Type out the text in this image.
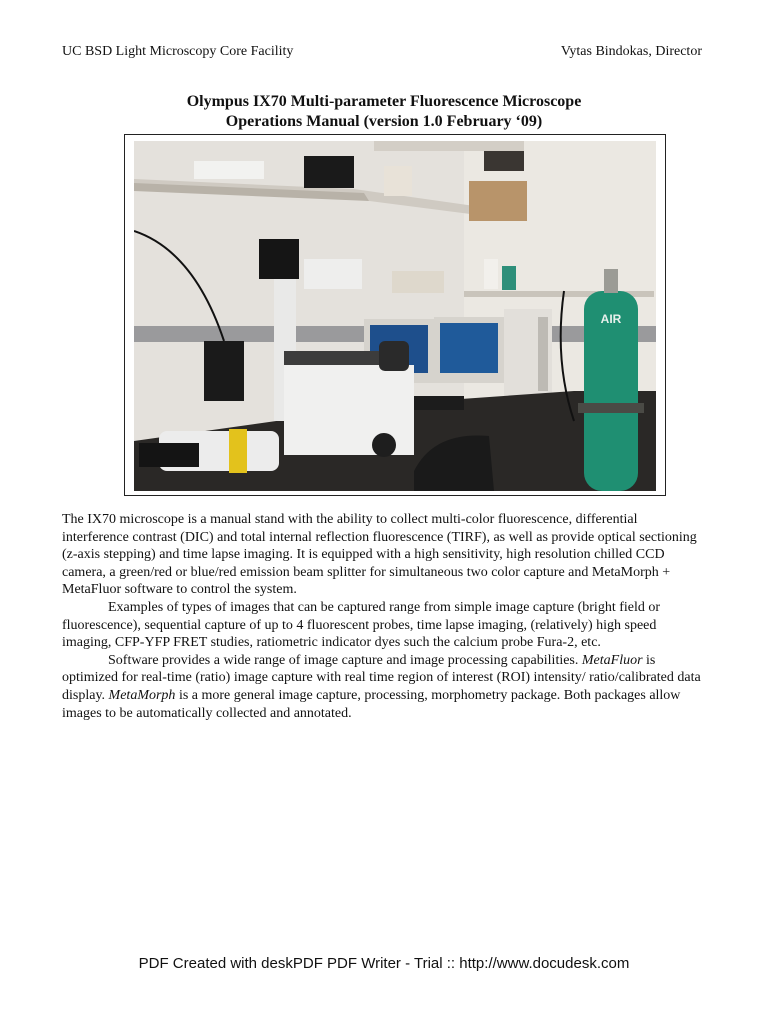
UC BSD Light Microscopy Core Facility	Vytas Bindokas, Director
Olympus IX70 Multi-parameter Fluorescence Microscope
Operations Manual (version 1.0 February ‘09)
AIR

The IX70 microscope is a manual stand with the ability to collect multi-color fluorescence, differential interference contrast (DIC) and total internal reflection fluorescence (TIRF), as well as provide optical sectioning (z-axis stepping) and time lapse imaging. It is equipped with a high sensitivity, high resolution chilled CCD camera, a green/red or blue/red emission beam splitter for simultaneous two color capture and MetaMorph + MetaFluor software to control the system.

Examples of types of images that can be captured range from simple image capture (bright field or fluorescence), sequential capture of up to 4 fluorescent probes, time lapse imaging, (relatively) high speed imaging, CFP-YFP FRET studies, ratiometric indicator dyes such the calcium probe Fura-2, etc.

Software provides a wide range of image capture and image processing capabilities. MetaFluor is optimized for real-time (ratio) image capture with real time region of interest (ROI) intensity/ ratio/calibrated data display. MetaMorph is a more general image capture, processing, morphometry package. Both packages allow images to be automatically collected and annotated.

PDF Created with deskPDF PDF Writer - Trial :: http://www.docudesk.com
